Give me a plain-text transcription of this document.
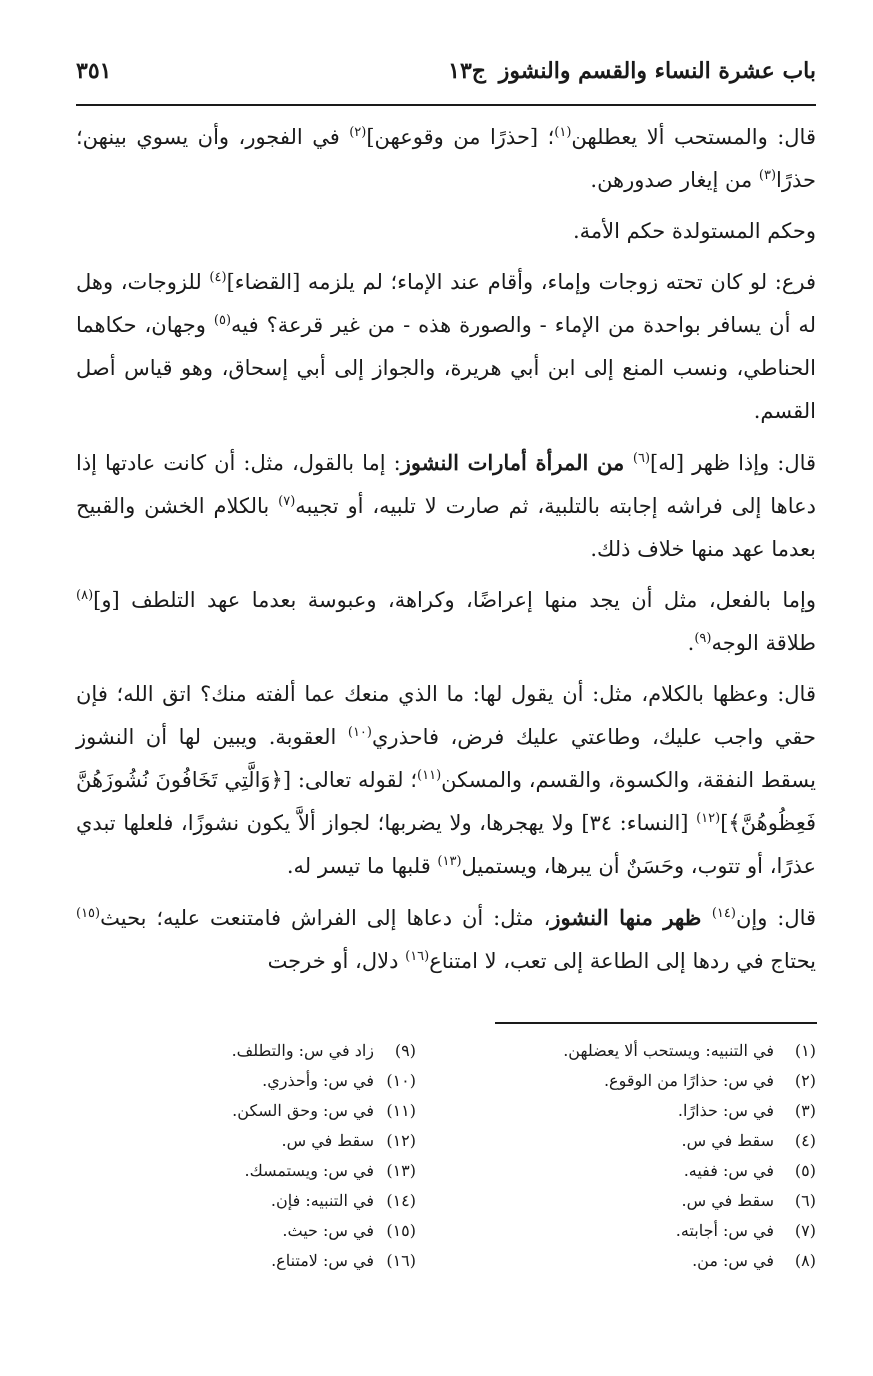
باب عشرة النساء والقسم والنشوز
ج١٣
٣٥١

قال: والمستحب ألا يعطلهن$^{(١)}$؛ [حذرًا من وقوعهن]$^{(٢)}$ في الفجور، وأن يسوي بينهن؛ حذرًا$^{(٣)}$ من إيغار صدورهن.

وحكم المستولدة حكم الأمة.

فرع: لو كان تحته زوجات وإماء، وأقام عند الإماء؛ لم يلزمه [القضاء]$^{(٤)}$ للزوجات، وهل له أن يسافر بواحدة من الإماء - والصورة هذه - من غير قرعة؟ فيه$^{(٥)}$ وجهان، حكاهما الحناطي، ونسب المنع إلى ابن أبي هريرة، والجواز إلى أبي إسحاق، وهو قياس أصل القسم.

قال: وإذا ظهر [له]$^{(٦)}$ من المرأة أمارات النشوز: إما بالقول، مثل: أن كانت عادتها إذا دعاها إلى فراشه إجابته بالتلبية، ثم صارت لا تلبيه، أو تجيبه$^{(٧)}$ بالكلام الخشن والقبيح بعدما عهد منها خلاف ذلك.

وإما بالفعل، مثل أن يجد منها إعراضًا، وكراهة، وعبوسة بعدما عهد التلطف [و]$^{(٨)}$ طلاقة الوجه$^{(٩)}$.

قال: وعظها بالكلام، مثل: أن يقول لها: ما الذي منعك عما ألفته منك؟ اتق الله؛ فإن حقي واجب عليك، وطاعتي عليك فرض، فاحذري$^{(١٠)}$ العقوبة. ويبين لها أن النشوز يسقط النفقة، والكسوة، والقسم، والمسكن$^{(١١)}$؛ لقوله تعالى: [﴿وَالَّتِي تَخَافُونَ نُشُوزَهُنَّ فَعِظُوهُنَّ﴾]$^{(١٢)}$ [النساء: ٣٤] ولا يهجرها، ولا يضربها؛ لجواز ألاَّ يكون نشوزًا، فلعلها تبدي عذرًا، أو تتوب، وحَسَنٌ أن يبرها، ويستميل$^{(١٣)}$ قلبها ما تيسر له.

قال: وإن$^{(١٤)}$ ظهر منها النشوز، مثل: أن دعاها إلى الفراش فامتنعت عليه؛ بحيث$^{(١٥)}$ يحتاج في ردها إلى الطاعة إلى تعب، لا امتناع$^{(١٦)}$ دلال، أو خرجت

(١)في التنبيه: ويستحب ألا يعضلهن.
(٢)في س: حذارًا من الوقوع.
(٣)في س: حذارًا.
(٤)سقط في س.
(٥)في س: ففيه.
(٦)سقط في س.
(٧)في س: أجابته.
(٨)في س: من.
(٩)زاد في س: والتطلف.
(١٠)في س: وأحذري.
(١١)في س: وحق السكن.
(١٢)سقط في س.
(١٣)في س: ويستمسك.
(١٤)في التنبيه: فإن.
(١٥)في س: حيث.
(١٦)في س: لامتناع.
